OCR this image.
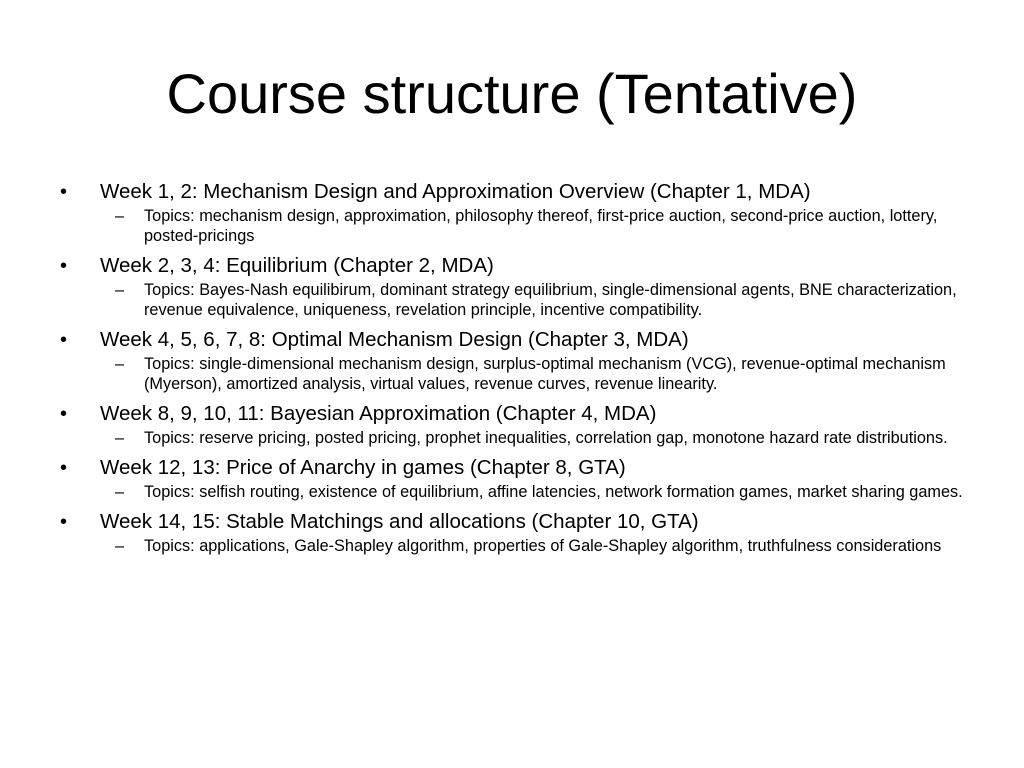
Course structure (Tentative)
• Week 1, 2: Mechanism Design and Approximation Overview (Chapter 1, MDA)
– Topics: mechanism design, approximation, philosophy thereof, first-price auction, second-price auction, lottery, posted-pricings
• Week 2, 3, 4: Equilibrium (Chapter 2, MDA)
– Topics: Bayes-Nash equilibirum, dominant strategy equilibrium, single-dimensional agents, BNE characterization, revenue equivalence, uniqueness, revelation principle, incentive compatibility.
• Week 4, 5, 6, 7, 8: Optimal Mechanism Design (Chapter 3, MDA)
– Topics: single-dimensional mechanism design, surplus-optimal mechanism (VCG), revenue-optimal mechanism (Myerson), amortized analysis, virtual values, revenue curves, revenue linearity.
• Week 8, 9, 10, 11: Bayesian Approximation (Chapter 4, MDA)
– Topics: reserve pricing, posted pricing, prophet inequalities, correlation gap, monotone hazard rate distributions.
• Week 12, 13: Price of Anarchy in games (Chapter 8, GTA)
– Topics: selfish routing, existence of equilibrium, affine latencies, network formation games, market sharing games.
• Week 14, 15: Stable Matchings and allocations (Chapter 10, GTA)
– Topics: applications, Gale-Shapley algorithm, properties of Gale-Shapley algorithm, truthfulness considerations
